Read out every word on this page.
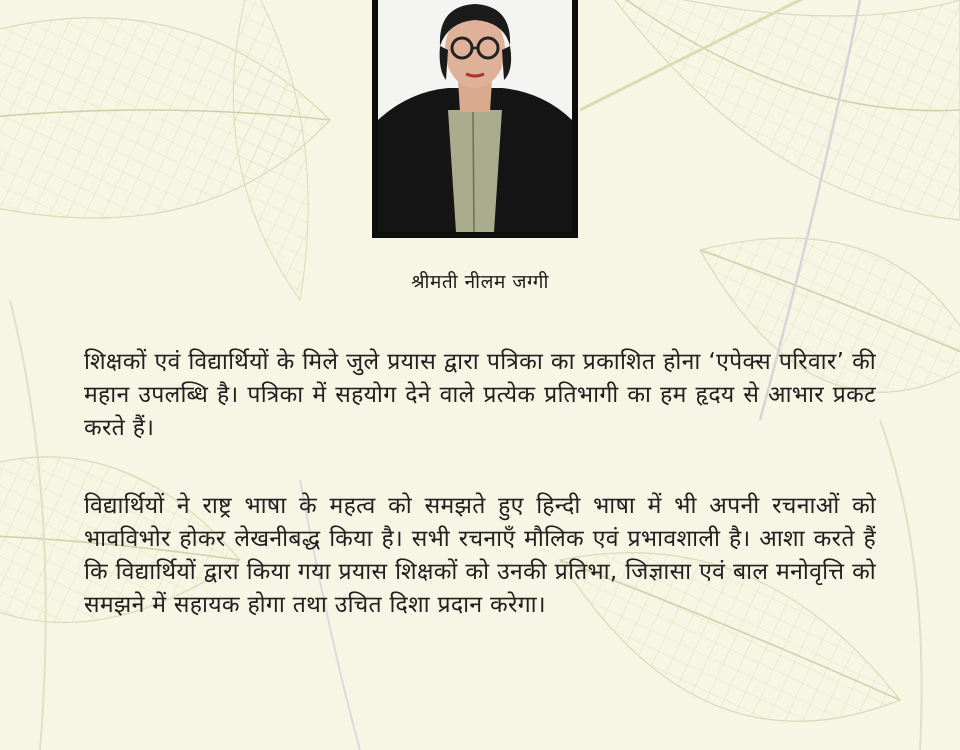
श्रीमती नीलम जग्गी

शिक्षकों एवं विद्यार्थियों के मिले जुले प्रयास द्वारा पत्रिका का प्रकाशित होना ‘एपेक्स परिवार’ की महान उपलब्धि है। पत्रिका में सहयोग देने वाले प्रत्येक प्रतिभागी का हम हृदय से आभार प्रकट करते हैं।

विद्यार्थियों ने राष्ट्र भाषा के महत्व को समझते हुए हिन्दी भाषा में भी अपनी रचनाओं को भावविभोर होकर लेखनीबद्ध किया है। सभी रचनाएँ मौलिक एवं प्रभावशाली है। आशा करते हैं कि विद्यार्थियों द्वारा किया गया प्रयास शिक्षकों को उनकी प्रतिभा, जिज्ञासा एवं बाल मनोवृत्ति को समझने में सहायक होगा तथा उचित दिशा प्रदान करेगा।
